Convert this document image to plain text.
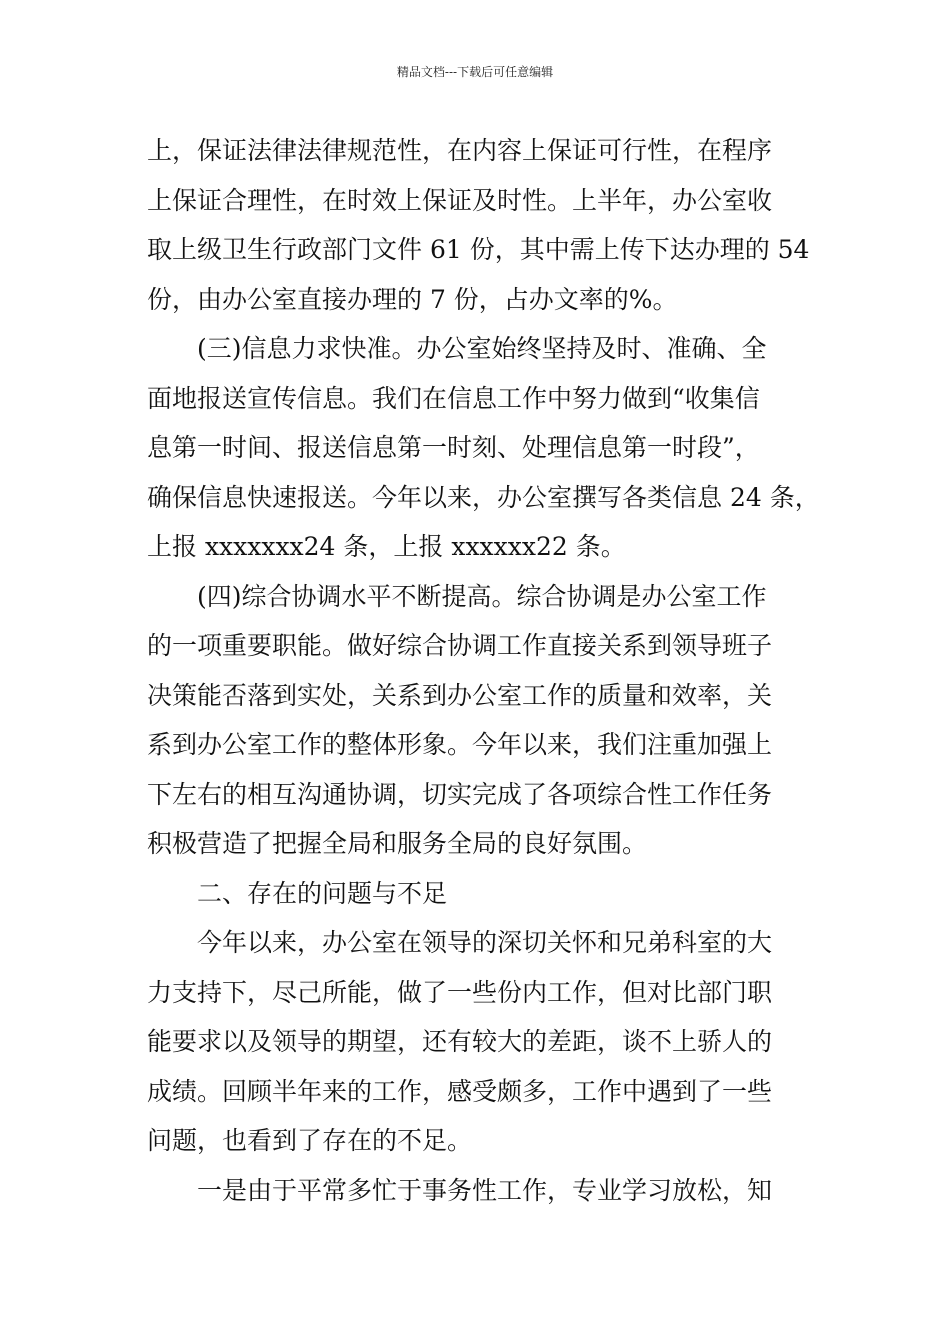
精品文档---下载后可任意编辑
上，保证法律法律规范性，在内容上保证可行性，在程序
上保证合理性，在时效上保证及时性。上半年，办公室收
取上级卫生行政部门文件 61 份，其中需上传下达办理的 54
份，由办公室直接办理的 7 份，占办文率的%。
(三)信息力求快准。办公室始终坚持及时、准确、全
面地报送宣传信息。我们在信息工作中努力做到“收集信
息第一时间、报送信息第一时刻、处理信息第一时段”，
确保信息快速报送。今年以来，办公室撰写各类信息 24 条，
上报 xxxxxxx24 条，上报 xxxxxx22 条。
(四)综合协调水平不断提高。综合协调是办公室工作
的一项重要职能。做好综合协调工作直接关系到领导班子
决策能否落到实处，关系到办公室工作的质量和效率，关
系到办公室工作的整体形象。今年以来，我们注重加强上
下左右的相互沟通协调，切实完成了各项综合性工作任务
积极营造了把握全局和服务全局的良好氛围。
二、存在的问题与不足
今年以来，办公室在领导的深切关怀和兄弟科室的大
力支持下，尽己所能，做了一些份内工作，但对比部门职
能要求以及领导的期望，还有较大的差距，谈不上骄人的
成绩。回顾半年来的工作，感受颇多，工作中遇到了一些
问题，也看到了存在的不足。
一是由于平常多忙于事务性工作，专业学习放松，知
